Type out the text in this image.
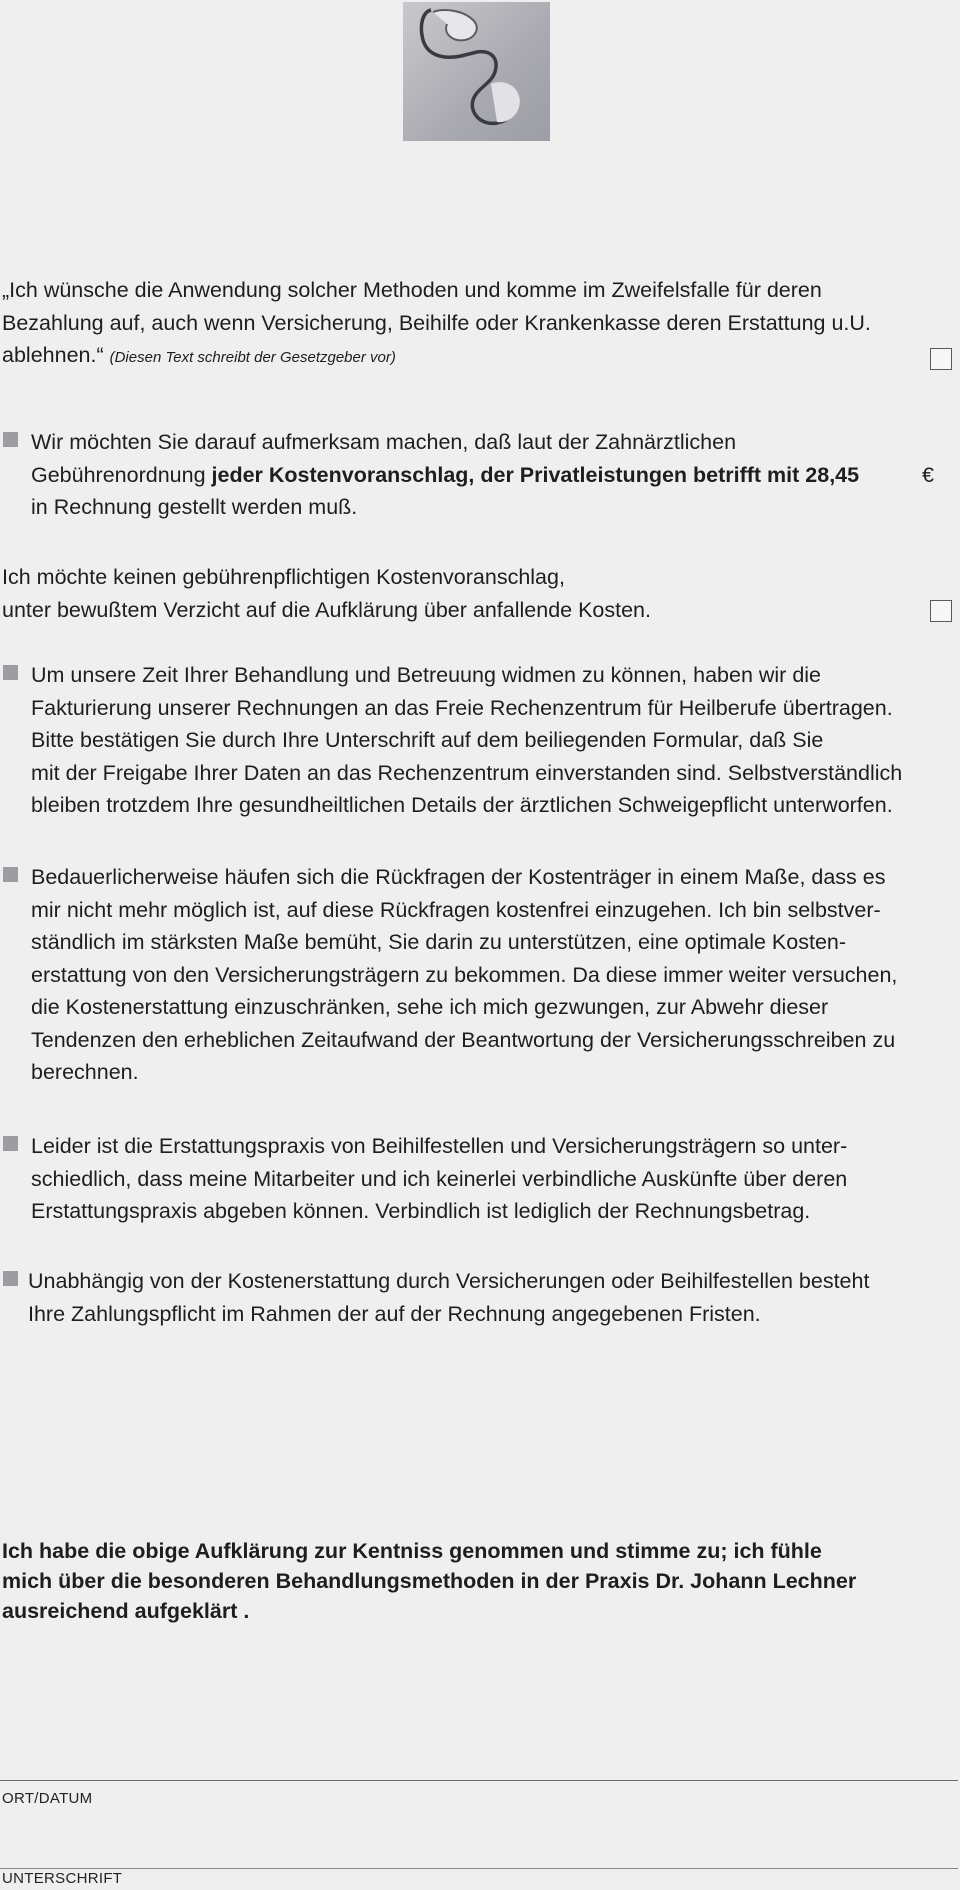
„Ich wünsche die Anwendung solcher Methoden und komme im Zweifelsfalle für deren
Bezahlung auf, auch wenn Versicherung, Beihilfe oder Krankenkasse deren Erstattung u.U.
ablehnen.“ (Diesen Text schreibt der Gesetzgeber vor)

Wir möchten Sie darauf aufmerksam machen, daß laut der Zahnärztlichen
Gebührenordnung jeder Kostenvoranschlag, der Privatleistungen betrifft mit 28,45
in Rechnung gestellt werden muß.

€

Ich möchte keinen gebührenpflichtigen Kostenvoranschlag,
unter bewußtem Verzicht auf die Aufklärung über anfallende Kosten.

Um unsere Zeit Ihrer Behandlung und Betreuung widmen zu können, haben wir die
Fakturierung unserer Rechnungen an das Freie Rechenzentrum für Heilberufe übertragen.
Bitte bestätigen Sie durch Ihre Unterschrift auf dem beiliegenden Formular, daß Sie
mit der Freigabe Ihrer Daten an das Rechenzentrum einverstanden sind. Selbstverständlich
bleiben trotzdem Ihre gesundheiltlichen Details der ärztlichen Schweigepflicht unterworfen.

Bedauerlicherweise häufen sich die Rückfragen der Kostenträger in einem Maße, dass es
mir nicht mehr möglich ist, auf diese Rückfragen kostenfrei einzugehen. Ich bin selbstver-
ständlich im stärksten Maße bemüht, Sie darin zu unterstützen, eine optimale Kosten-
erstattung von den Versicherungsträgern zu bekommen. Da diese immer weiter versuchen,
die Kostenerstattung einzuschränken, sehe ich mich gezwungen, zur Abwehr dieser
Tendenzen den erheblichen Zeitaufwand der Beantwortung der Versicherungsschreiben zu
berechnen.

Leider ist die Erstattungspraxis von Beihilfestellen und Versicherungsträgern so unter-
schiedlich, dass meine Mitarbeiter und ich keinerlei verbindliche Auskünfte über deren
Erstattungspraxis abgeben können. Verbindlich ist lediglich der Rechnungsbetrag.

Unabhängig von der Kostenerstattung durch Versicherungen oder Beihilfestellen besteht
Ihre Zahlungspflicht im Rahmen der auf der Rechnung angegebenen Fristen.

Ich habe die obige Aufklärung zur Kentniss genommen und stimme zu; ich fühle
mich über die besonderen Behandlungsmethoden in der Praxis Dr. Johann Lechner
ausreichend aufgeklärt .

ORT/DATUM
UNTERSCHRIFT
